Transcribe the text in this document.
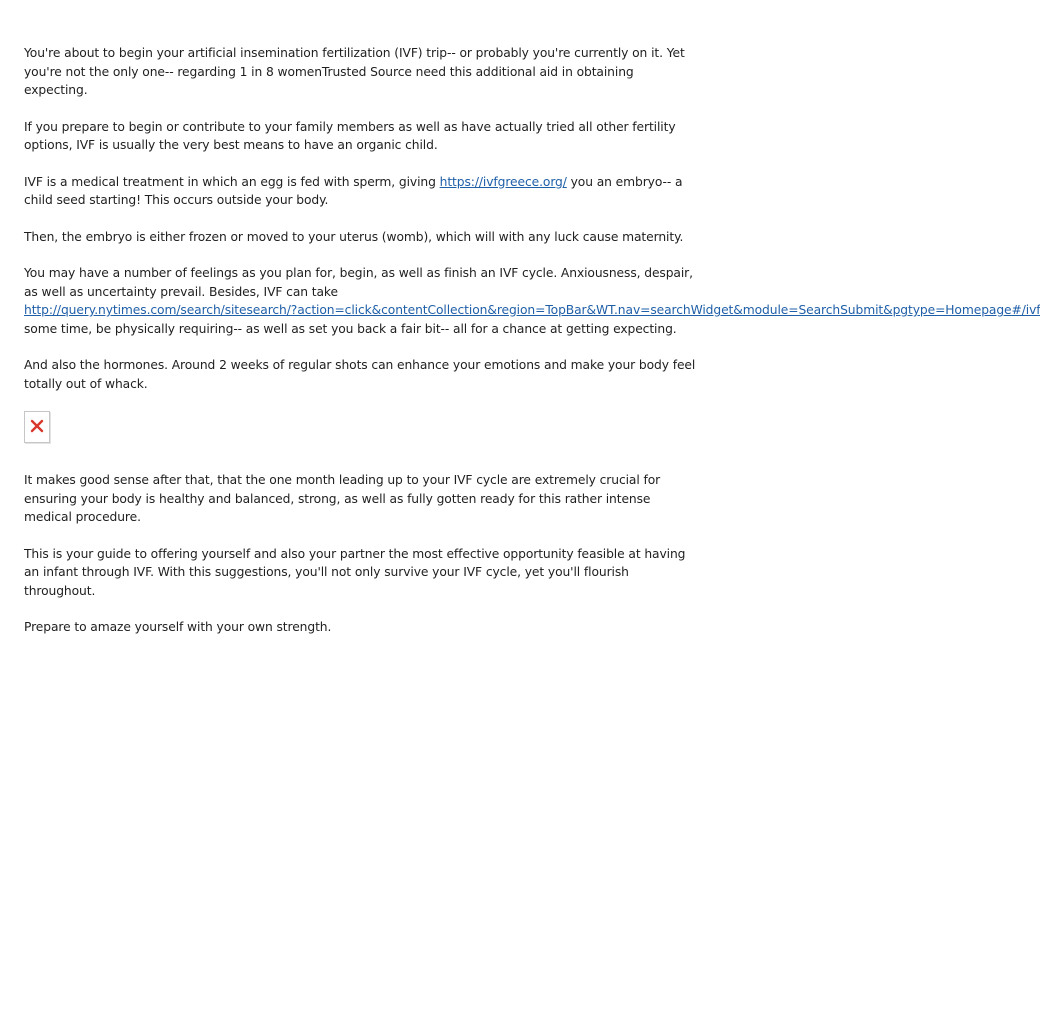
You're about to begin your artificial insemination fertilization (IVF) trip-- or probably you're currently on it. Yet you're not the only one-- regarding 1 in 8 womenTrusted Source need this additional aid in obtaining expecting.

If you prepare to begin or contribute to your family members as well as have actually tried all other fertility options, IVF is usually the very best means to have an organic child.

IVF is a medical treatment in which an egg is fed with sperm, giving https://ivfgreece.org/ you an embryo-- a child seed starting! This occurs outside your body.

Then, the embryo is either frozen or moved to your uterus (womb), which will with any luck cause maternity.

You may have a number of feelings as you plan for, begin, as well as finish an IVF cycle. Anxiousness, despair, as well as uncertainty prevail. Besides, IVF can take
http://query.nytimes.com/search/sitesearch/?action=click&contentCollection&region=TopBar&WT.nav=searchWidget&module=SearchSubmit&pgtype=Homepage#/ivf
some time, be physically requiring-- as well as set you back a fair bit-- all for a chance at getting expecting.

And also the hormones. Around 2 weeks of regular shots can enhance your emotions and make your body feel totally out of whack.

It makes good sense after that, that the one month leading up to your IVF cycle are extremely crucial for ensuring your body is healthy and balanced, strong, as well as fully gotten ready for this rather intense medical procedure.

This is your guide to offering yourself and also your partner the most effective opportunity feasible at having an infant through IVF. With this suggestions, you'll not only survive your IVF cycle, yet you'll flourish throughout.

Prepare to amaze yourself with your own strength.
